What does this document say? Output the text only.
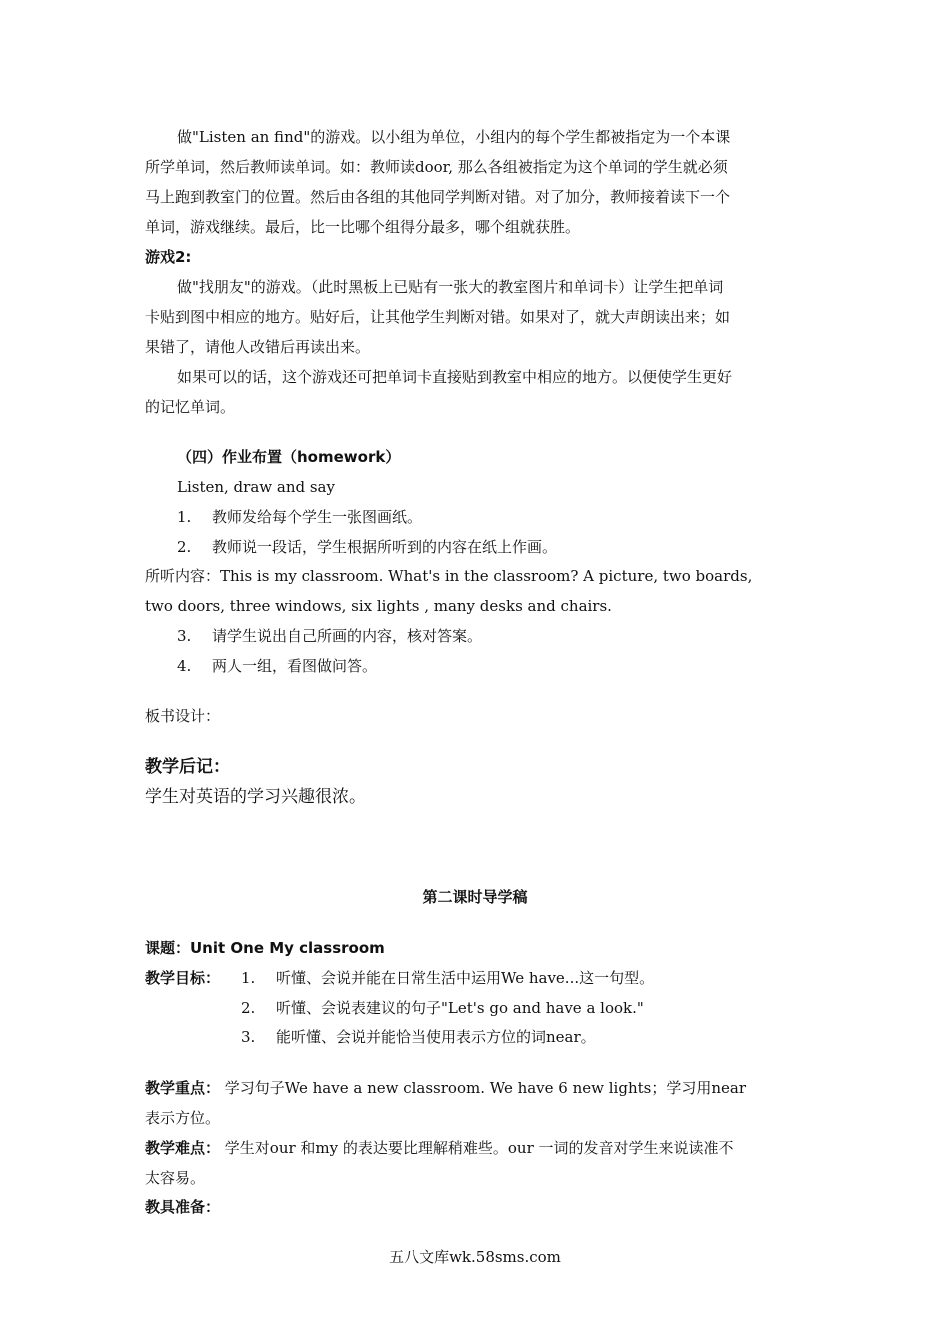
做"Listen an find"的游戏。以小组为单位，小组内的每个学生都被指定为一个本课
所学单词，然后教师读单词。如：教师读door, 那么各组被指定为这个单词的学生就必须
马上跑到教室门的位置。然后由各组的其他同学判断对错。对了加分，教师接着读下一个
单词，游戏继续。最后，比一比哪个组得分最多，哪个组就获胜。
游戏2:
做"找朋友"的游戏。（此时黑板上已贴有一张大的教室图片和单词卡）让学生把单词
卡贴到图中相应的地方。贴好后，让其他学生判断对错。如果对了，就大声朗读出来；如
果错了，请他人改错后再读出来。
如果可以的话，这个游戏还可把单词卡直接贴到教室中相应的地方。以便使学生更好
的记忆单词。
（四）作业布置（homework）
Listen, draw and say
1. 教师发给每个学生一张图画纸。
2. 教师说一段话，学生根据所听到的内容在纸上作画。
所听内容：This is my classroom. What's in the classroom? A picture, two boards,
two doors, three windows, six lights , many desks and chairs.
3. 请学生说出自己所画的内容，核对答案。
4. 两人一组，看图做问答。
板书设计：
教学后记：
学生对英语的学习兴趣很浓。
第二课时导学稿
课题：Unit One My classroom
教学目标： 1. 听懂、会说并能在日常生活中运用We have...这一句型。
2. 听懂、会说表建议的句子"Let's go and have a look."
3. 能听懂、会说并能恰当使用表示方位的词near。
教学重点： 学习句子We have a new classroom. We have 6 new lights；学习用near
表示方位。
教学难点： 学生对our 和my 的表达要比理解稍难些。our 一词的发音对学生来说读准不
太容易。
教具准备：
五八文库wk.58sms.com
